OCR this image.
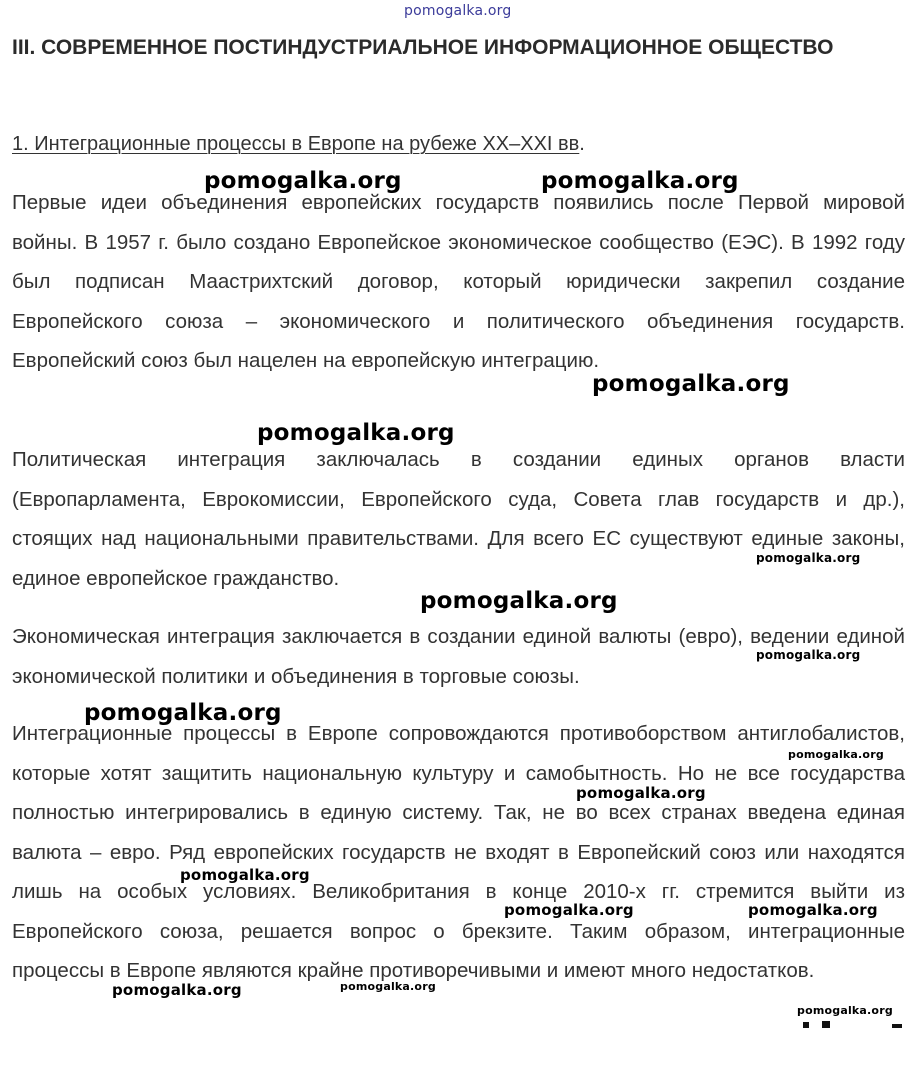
III. СОВРЕМЕННОЕ ПОСТИНДУСТРИАЛЬНОЕ ИНФОРМАЦИОННОЕ ОБЩЕСТВО

1. Интеграционные процессы в Европе на рубеже XX–XXI вв.

Первые идеи объединения европейских государств появились после Первой мировой войны. В 1957 г. было создано Европейское экономическое сообщество (ЕЭС). В 1992 году был подписан Маастрихтский договор, который юридически закрепил создание Европейского союза – экономического и политического объединения государств. Европейский союз был нацелен на европейскую интеграцию.

Политическая интеграция заключалась в создании единых органов власти (Европарламента, Еврокомиссии, Европейского суда, Совета глав государств и др.), стоящих над национальными правительствами. Для всего ЕС существуют единые законы, единое европейское гражданство.

Экономическая интеграция заключается в создании единой валюты (евро), ведении единой экономической политики и объединения в торговые союзы.

Интеграционные процессы в Европе сопровождаются противоборством антиглобалистов, которые хотят защитить национальную культуру и самобытность. Но не все государства полностью интегрировались в единую систему. Так, не во всех странах введена единая валюта – евро. Ряд европейских государств не входят в Европейский союз или находятся лишь на особых условиях. Великобритания в конце 2010-х гг. стремится выйти из Европейского союза, решается вопрос о брекзите. Таким образом, интеграционные процессы в Европе являются крайне противоречивыми и имеют много недостатков.

pomogalka.org
pomogalka.org	pomogalka.org
pomogalka.org
pomogalka.org
pomogalka.org
pomogalka.org
pomogalka.org
pomogalka.org
pomogalka.org
pomogalka.org
pomogalka.org
pomogalka.org	pomogalka.org
pomogalka.org	pomogalka.org
pomogalka.org
